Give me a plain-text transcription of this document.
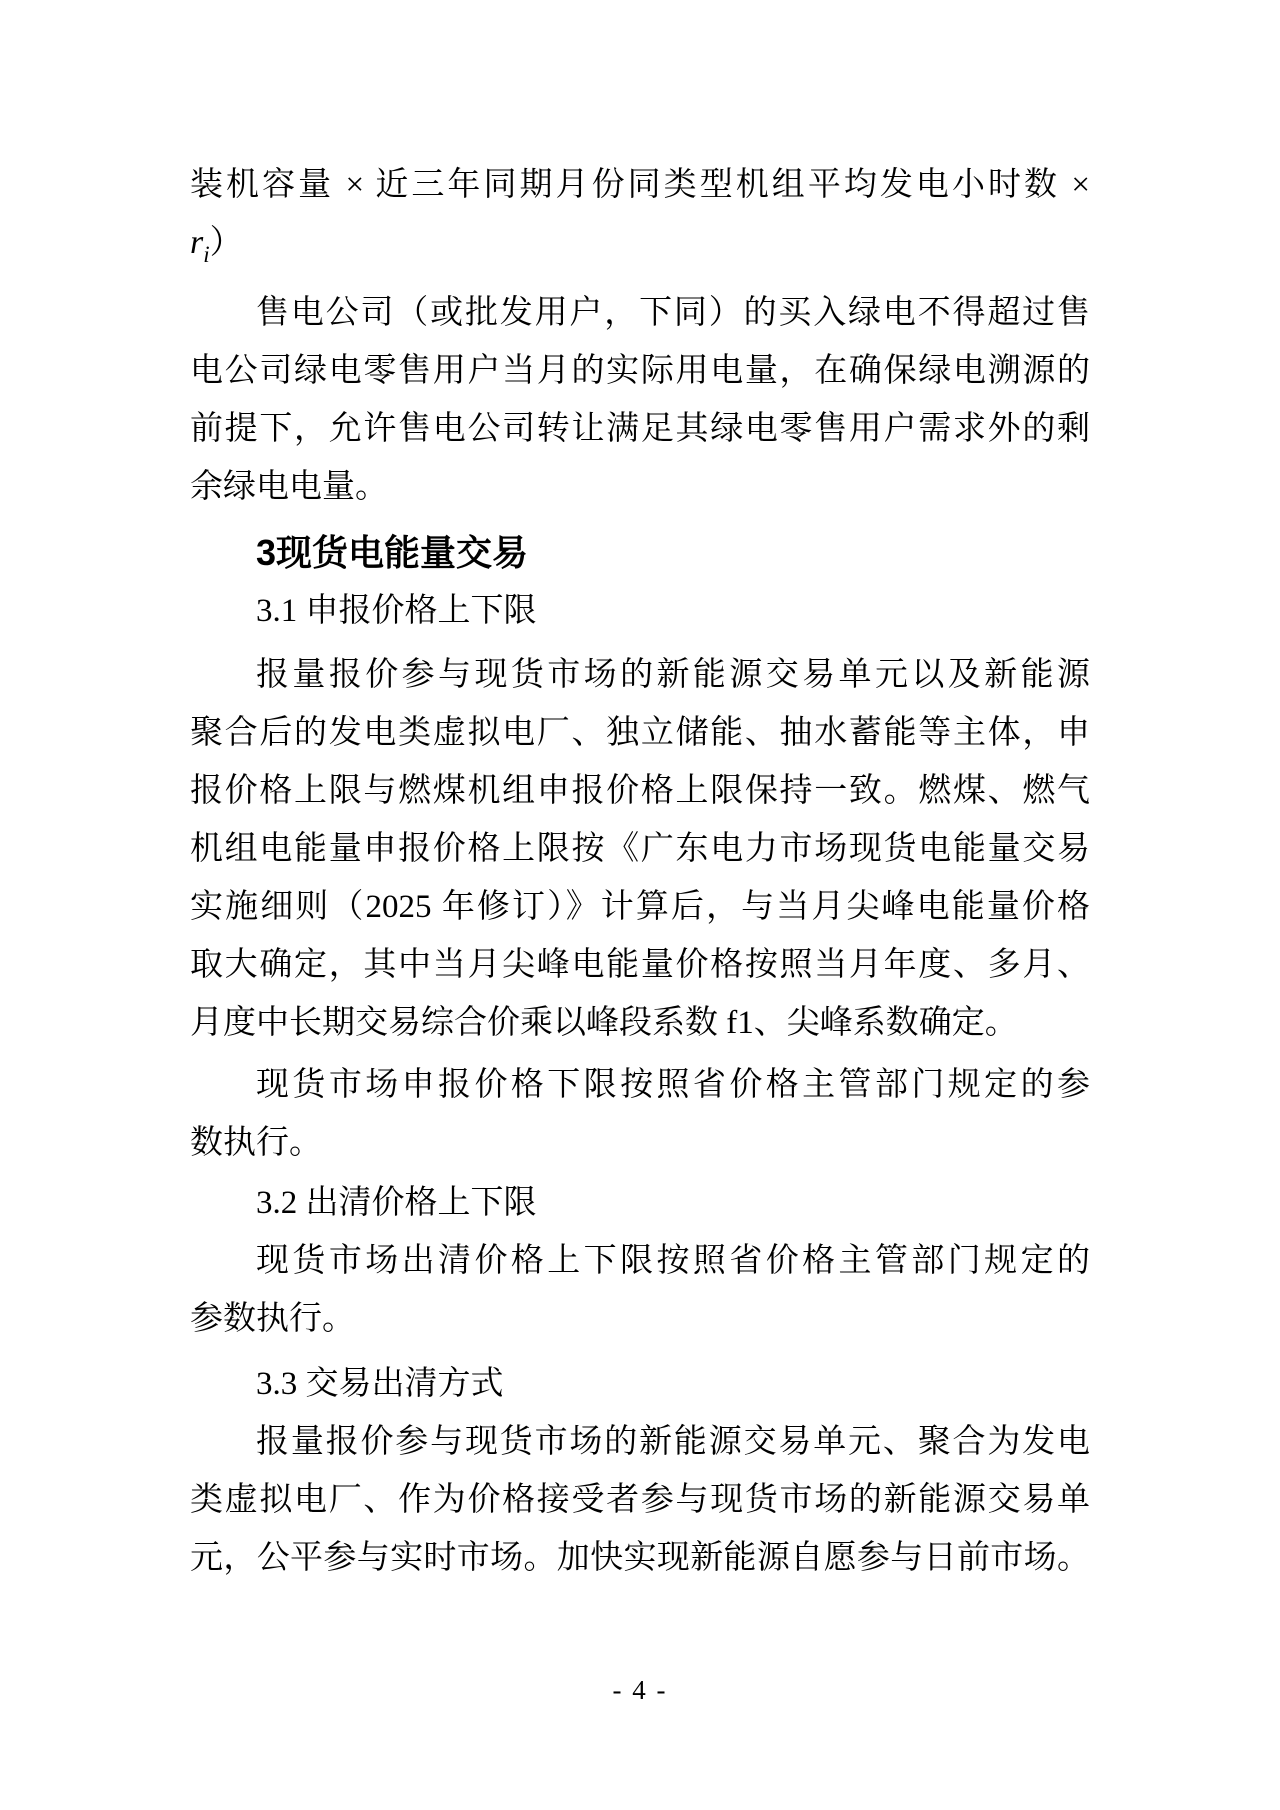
装机容量 × 近三年同期月份同类型机组平均发电小时数 ×
$r_i$）
售电公司（或批发用户，下同）的买入绿电不得超过售
电公司绿电零售用户当月的实际用电量，在确保绿电溯源的
前提下，允许售电公司转让满足其绿电零售用户需求外的剩
余绿电电量。
3现货电能量交易
3.1 申报价格上下限
报量报价参与现货市场的新能源交易单元以及新能源
聚合后的发电类虚拟电厂、独立储能、抽水蓄能等主体，申
报价格上限与燃煤机组申报价格上限保持一致。燃煤、燃气
机组电能量申报价格上限按《广东电力市场现货电能量交易
实施细则（2025 年修订）》计算后，与当月尖峰电能量价格
取大确定，其中当月尖峰电能量价格按照当月年度、多月、
月度中长期交易综合价乘以峰段系数 f1、尖峰系数确定。
现货市场申报价格下限按照省价格主管部门规定的参
数执行。
3.2 出清价格上下限
现货市场出清价格上下限按照省价格主管部门规定的
参数执行。
3.3 交易出清方式
报量报价参与现货市场的新能源交易单元、聚合为发电
类虚拟电厂、作为价格接受者参与现货市场的新能源交易单
元，公平参与实时市场。加快实现新能源自愿参与日前市场。
- 4 -
